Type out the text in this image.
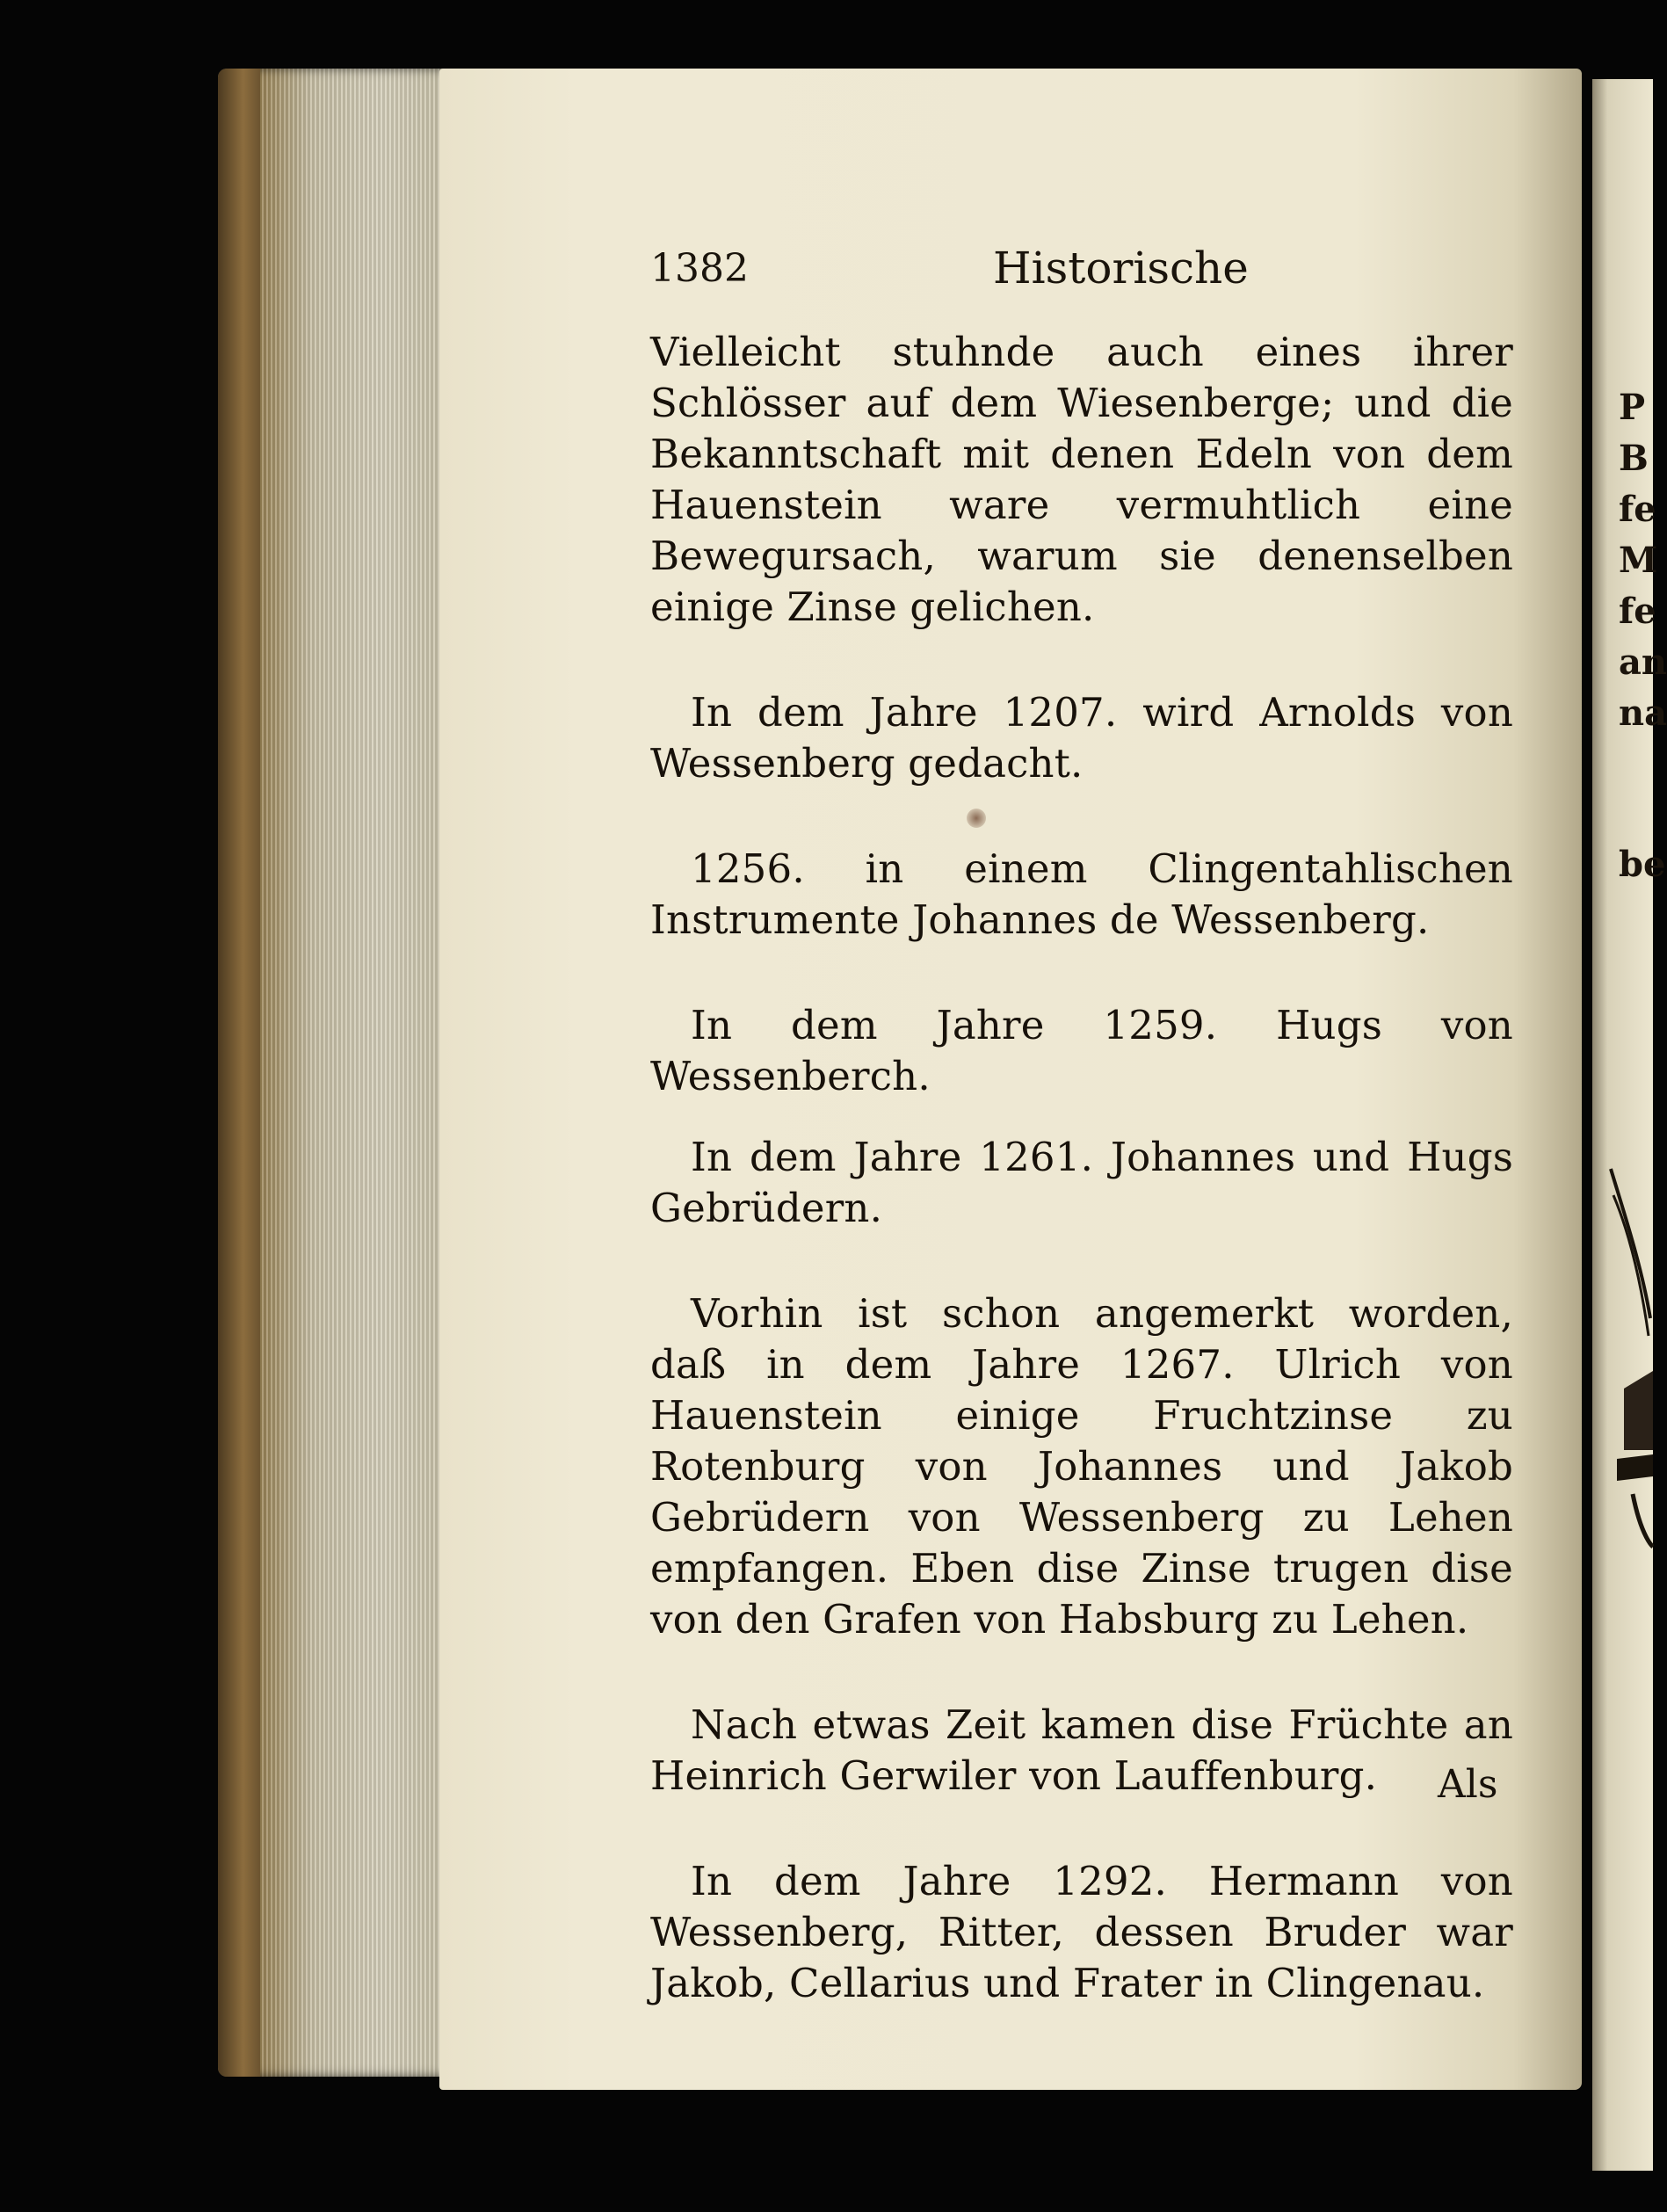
1382	Historische

Vielleicht stuhnde auch eines ihrer Schlösser auf dem Wiesenberge; und die Bekanntschaft mit denen Edeln von dem Hauenstein ware vermuhtlich eine Bewegursach, warum sie denenselben einige Zinse gelichen.

In dem Jahre 1207. wird Arnolds von Wessenberg gedacht.

1256. in einem Clingentahlischen Instrumente Johannes de Wessenberg.

In dem Jahre 1259. Hugs von Wessenberch.

In dem Jahre 1261. Johannes und Hugs Gebrüdern.

Vorhin ist schon angemerkt worden, daß in dem Jahre 1267. Ulrich von Hauenstein einige Fruchtzinse zu Rotenburg von Johannes und Jakob Gebrüdern von Wessenberg zu Lehen empfangen. Eben dise Zinse trugen dise von den Grafen von Habsburg zu Lehen.

Nach etwas Zeit kamen dise Früchte an Heinrich Gerwiler von Lauffenburg.

In dem Jahre 1292. Hermann von Wessenberg, Ritter, dessen Bruder war Jakob, Cellarius und Frater in Clingenau.

Als
P
B
fe
M
fe
an
na
be
